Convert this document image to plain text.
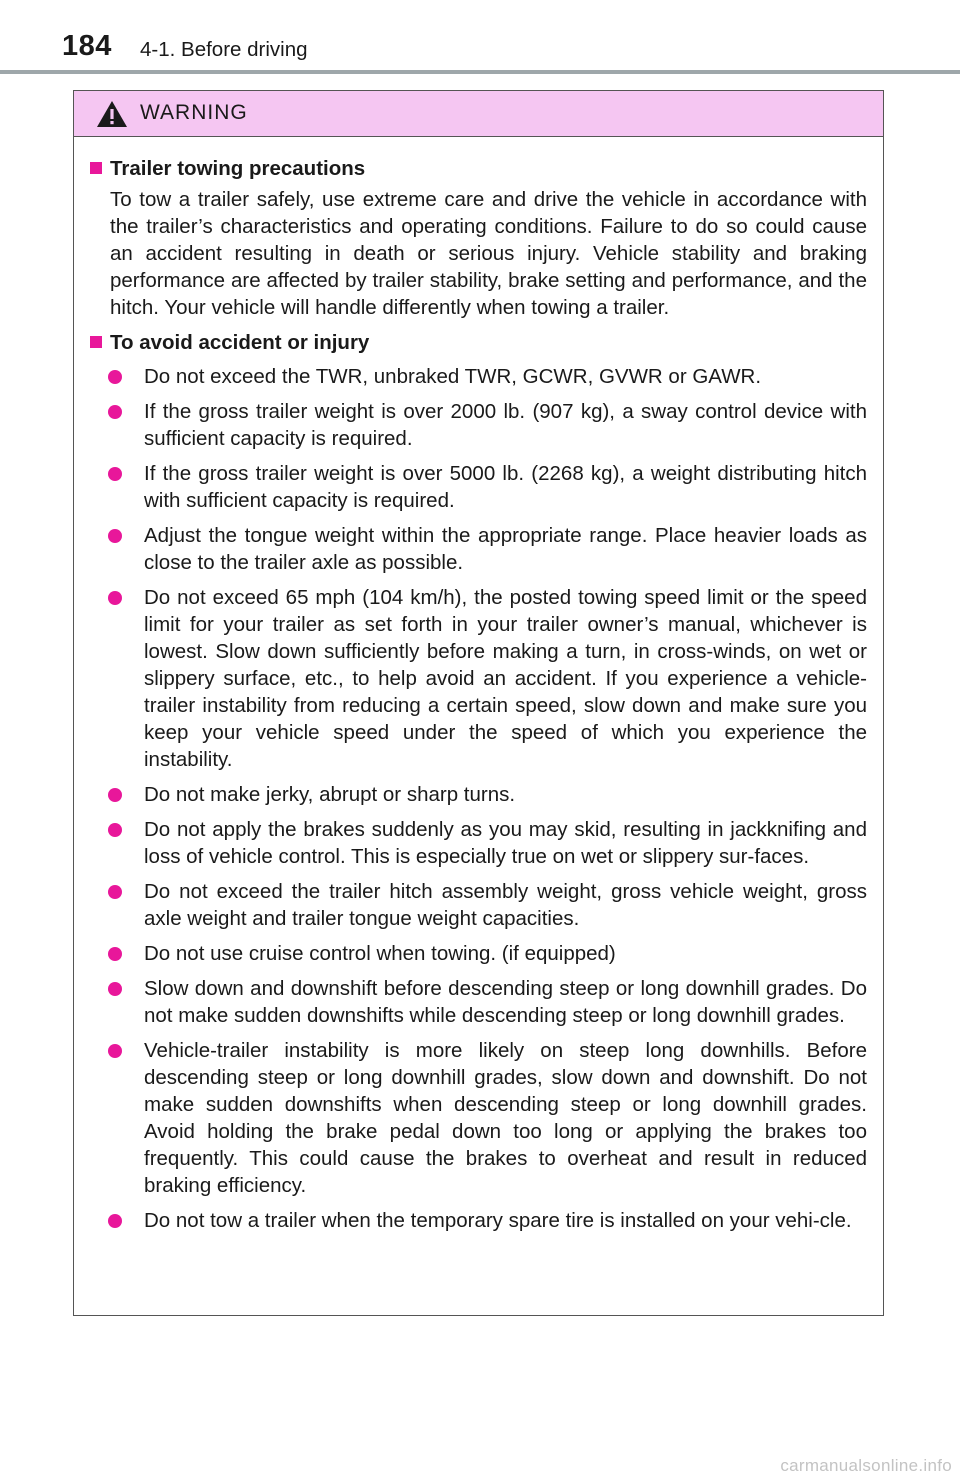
184 4-1. Before driving
WARNING
Trailer towing precautions
To tow a trailer safely, use extreme care and drive the vehicle in accordance with the trailer’s characteristics and operating conditions. Failure to do so could cause an accident resulting in death or serious injury. Vehicle stability and braking performance are affected by trailer stability, brake setting and performance, and the hitch. Your vehicle will handle differently when towing a trailer.
To avoid accident or injury
Do not exceed the TWR, unbraked TWR, GCWR, GVWR or GAWR.
If the gross trailer weight is over 2000 lb. (907 kg), a sway control device with sufficient capacity is required.
If the gross trailer weight is over 5000 lb. (2268 kg), a weight distributing hitch with sufficient capacity is required.
Adjust the tongue weight within the appropriate range. Place heavier loads as close to the trailer axle as possible.
Do not exceed 65 mph (104 km/h), the posted towing speed limit or the speed limit for your trailer as set forth in your trailer owner’s manual, whichever is lowest. Slow down sufficiently before making a turn, in cross-winds, on wet or slippery surface, etc., to help avoid an accident. If you experience a vehicle-trailer instability from reducing a certain speed, slow down and make sure you keep your vehicle speed under the speed of which you experience the instability.
Do not make jerky, abrupt or sharp turns.
Do not apply the brakes suddenly as you may skid, resulting in jackknifing and loss of vehicle control. This is especially true on wet or slippery sur-faces.
Do not exceed the trailer hitch assembly weight, gross vehicle weight, gross axle weight and trailer tongue weight capacities.
Do not use cruise control when towing. (if equipped)
Slow down and downshift before descending steep or long downhill grades. Do not make sudden downshifts while descending steep or long downhill grades.
Vehicle-trailer instability is more likely on steep long downhills. Before descending steep or long downhill grades, slow down and downshift. Do not make sudden downshifts when descending steep or long downhill grades. Avoid holding the brake pedal down too long or applying the brakes too frequently. This could cause the brakes to overheat and result in reduced braking efficiency.
Do not tow a trailer when the temporary spare tire is installed on your vehi-cle.
carmanualsonline.info
